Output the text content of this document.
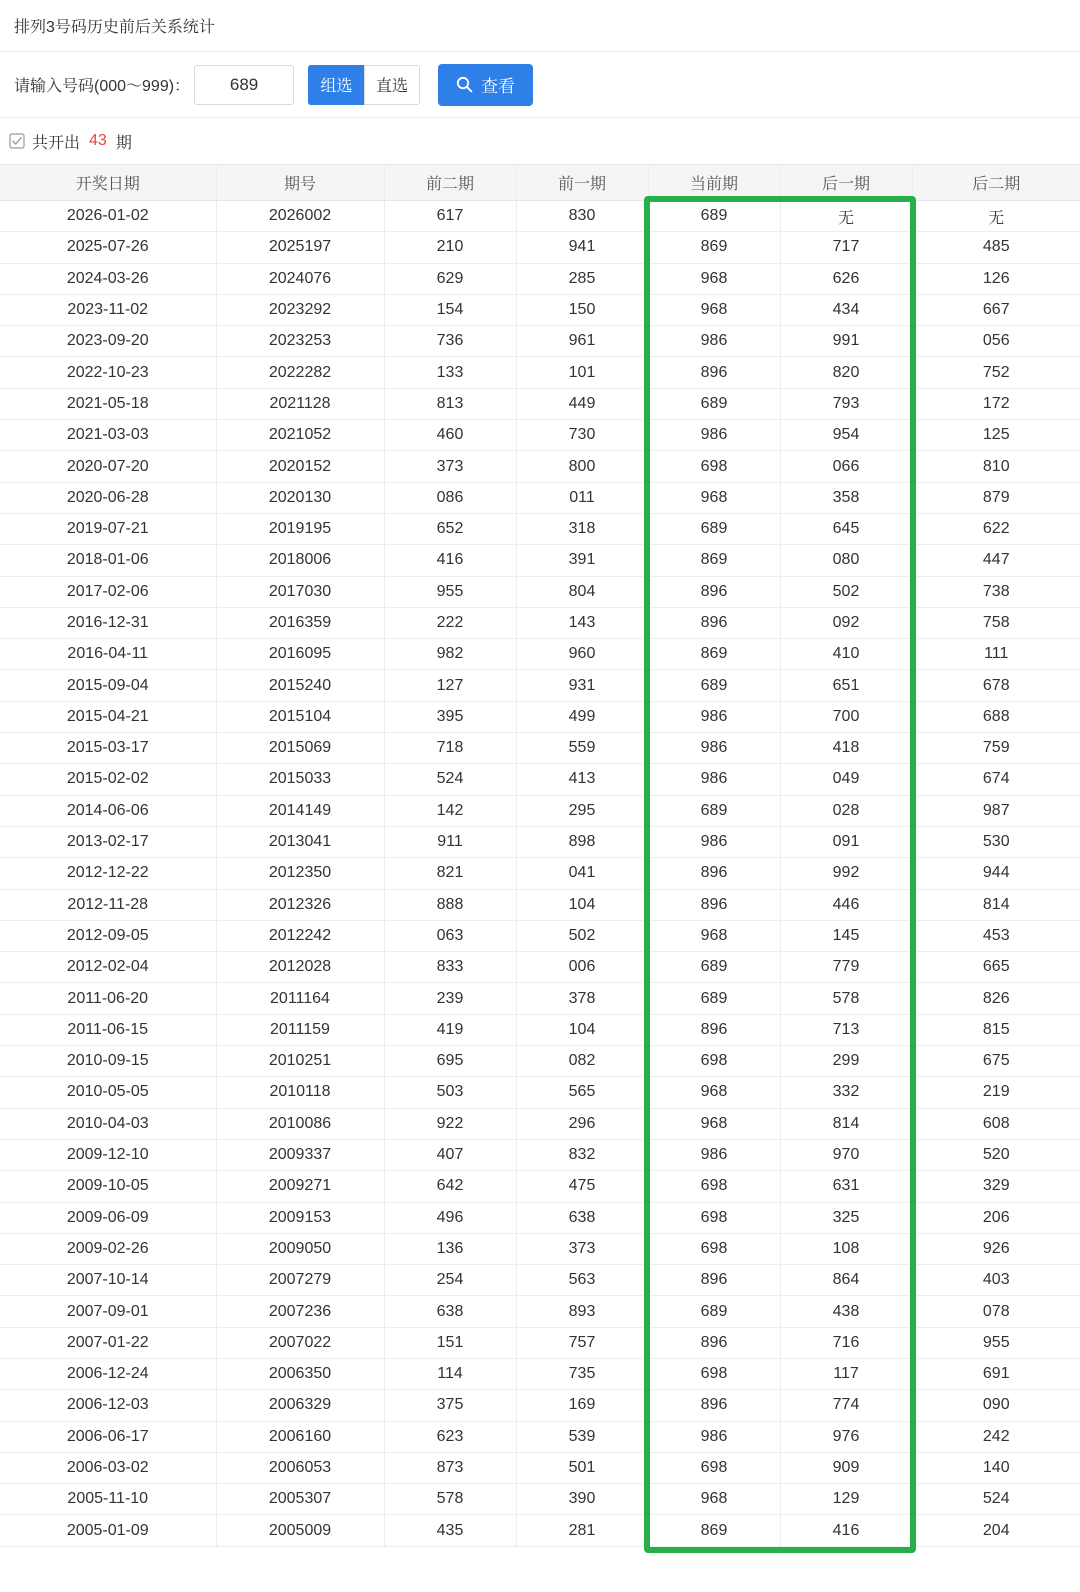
排列3号码历史前后关系统计
请输入号码(000～999)：
689	组选	直选	查看
共开出 43 期
开奖日期	期号	前二期	前一期	当前期	后一期	后二期
2026-01-02	2026002	617	830	689	无	无
2025-07-26	2025197	210	941	869	717	485
2024-03-26	2024076	629	285	968	626	126
2023-11-02	2023292	154	150	968	434	667
2023-09-20	2023253	736	961	986	991	056
2022-10-23	2022282	133	101	896	820	752
2021-05-18	2021128	813	449	689	793	172
2021-03-03	2021052	460	730	986	954	125
2020-07-20	2020152	373	800	698	066	810
2020-06-28	2020130	086	011	968	358	879
2019-07-21	2019195	652	318	689	645	622
2018-01-06	2018006	416	391	869	080	447
2017-02-06	2017030	955	804	896	502	738
2016-12-31	2016359	222	143	896	092	758
2016-04-11	2016095	982	960	869	410	111
2015-09-04	2015240	127	931	689	651	678
2015-04-21	2015104	395	499	986	700	688
2015-03-17	2015069	718	559	986	418	759
2015-02-02	2015033	524	413	986	049	674
2014-06-06	2014149	142	295	689	028	987
2013-02-17	2013041	911	898	986	091	530
2012-12-22	2012350	821	041	896	992	944
2012-11-28	2012326	888	104	896	446	814
2012-09-05	2012242	063	502	968	145	453
2012-02-04	2012028	833	006	689	779	665
2011-06-20	2011164	239	378	689	578	826
2011-06-15	2011159	419	104	896	713	815
2010-09-15	2010251	695	082	698	299	675
2010-05-05	2010118	503	565	968	332	219
2010-04-03	2010086	922	296	968	814	608
2009-12-10	2009337	407	832	986	970	520
2009-10-05	2009271	642	475	698	631	329
2009-06-09	2009153	496	638	698	325	206
2009-02-26	2009050	136	373	698	108	926
2007-10-14	2007279	254	563	896	864	403
2007-09-01	2007236	638	893	689	438	078
2007-01-22	2007022	151	757	896	716	955
2006-12-24	2006350	114	735	698	117	691
2006-12-03	2006329	375	169	896	774	090
2006-06-17	2006160	623	539	986	976	242
2006-03-02	2006053	873	501	698	909	140
2005-11-10	2005307	578	390	968	129	524
2005-01-09	2005009	435	281	869	416	204
